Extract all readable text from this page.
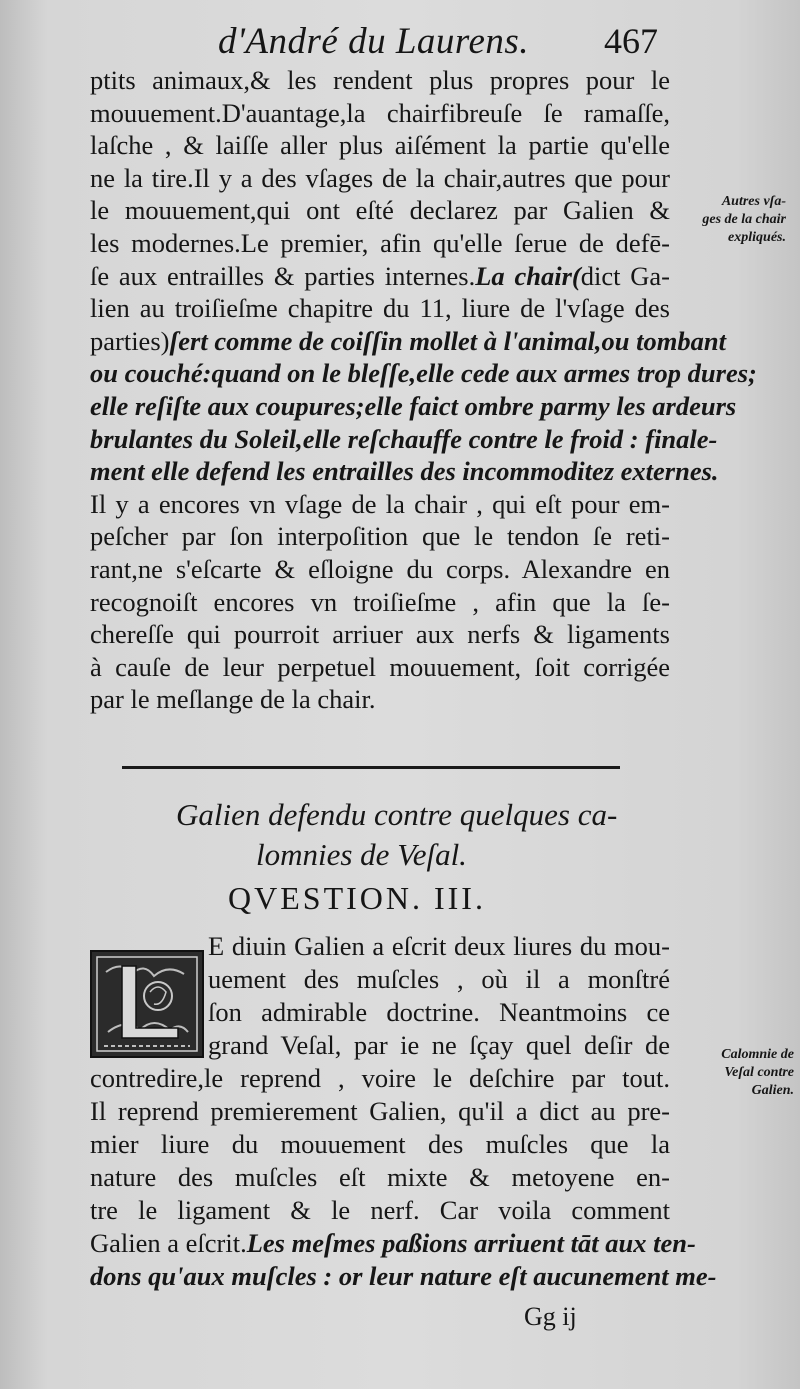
d'André du Laurens. 467
ptits animaux,& les rendent plus propres pour le
mouuement.D'auantage,la chairfibreuſe ſe ramaſſe,
laſche , & laiſſe aller plus aiſément la partie qu'elle
ne la tire.Il y a des vſages de la chair,autres que pour
le mouuement,qui ont eſté declarez par Galien &
les modernes.Le premier, afin qu'elle ſerue de defē-
ſe aux entrailles & parties internes.La chair(dict Ga-
lien au troiſieſme chapitre du 11, liure de l'vſage des
parties)ſert comme de coiſſin mollet à l'animal,ou tombant
ou couché:quand on le bleſſe,elle cede aux armes trop dures;
elle reſiſte aux coupures;elle faict ombre parmy les ardeurs
brulantes du Soleil,elle reſchauffe contre le froid : finale-
ment elle defend les entrailles des incommoditez externes.
Il y a encores vn vſage de la chair , qui eſt pour em-
peſcher par ſon interpoſition que le tendon ſe reti-
rant,ne s'eſcarte & eſloigne du corps. Alexandre en
recognoiſt encores vn troiſieſme , afin que la ſe-
chereſſe qui pourroit arriuer aux nerfs & ligaments
à cauſe de leur perpetuel mouuement, ſoit corrigée
par le meſlange de la chair.
Autres vſa-
ges de la chair
expliqués.
Galien defendu contre quelques ca-
lomnies de Veſal.
QVESTION. III.
E diuin Galien a eſcrit deux liures du mou-
uement des muſcles , où il a monſtré
ſon admirable doctrine. Neantmoins ce
grand Veſal, par ie ne ſçay quel deſir de
contredire,le reprend , voire le deſchire par tout.
Il reprend premierement Galien, qu'il a dict au pre-
mier liure du mouuement des muſcles que la
nature des muſcles eſt mixte & metoyene en-
tre le ligament & le nerf. Car voila comment
Galien a eſcrit.Les meſmes paßions arriuent tāt aux ten-
dons qu'aux muſcles : or leur nature eſt aucunement me-
Calomnie de
Veſal contre
Galien.
Gg ij
